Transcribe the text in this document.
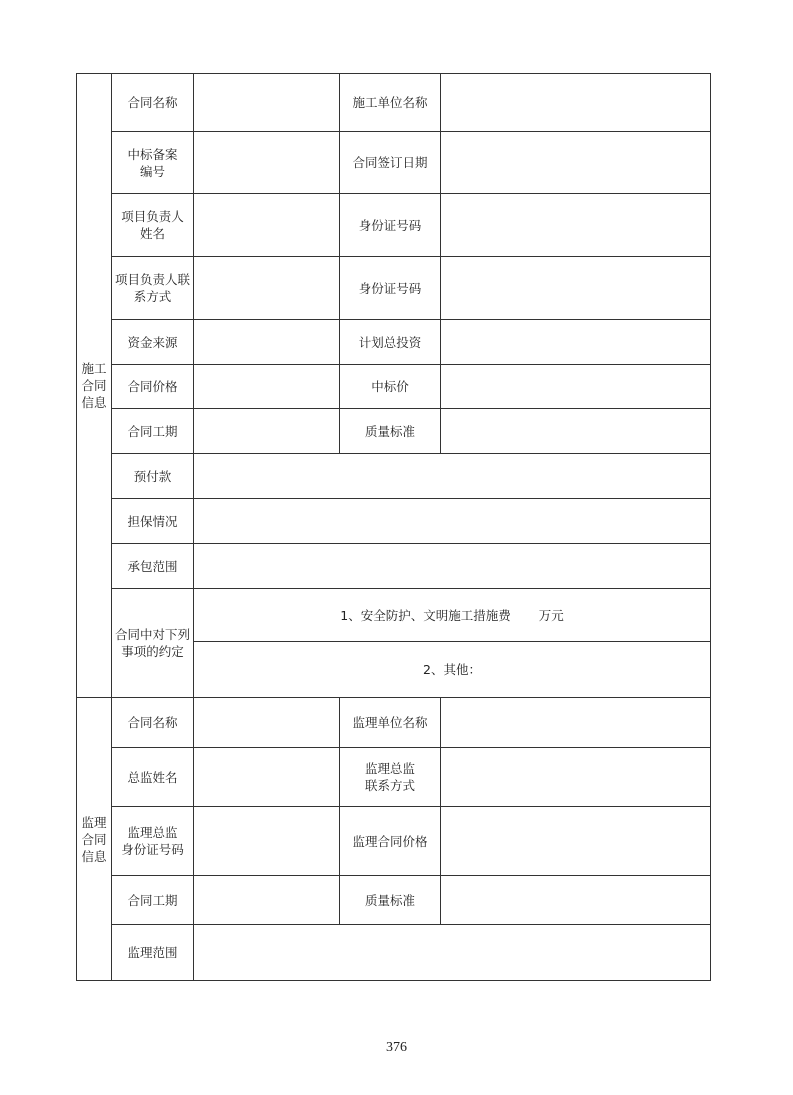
施工
合同
信息	合同名称		施工单位名称	

	中标备案
编号		合同签订日期	

	项目负责人
姓名		身份证号码	

	项目负责人联
系方式		身份证号码	
	资金来源		计划总投资	
	合同价格		中标价	
	合同工期		质量标准	
	预付款			
	担保情况			
	承包范围			

	合同中对下列
事项的约定	1、安全防护、文明施工措施费 万元		
		2、其他：		

监理
合同
信息	合同名称		监理单位名称	
	总监姓名		监理总监
联系方式	

	监理总监
身份证号码		监理合同价格	
	合同工期		质量标准	
	监理范围			
376
